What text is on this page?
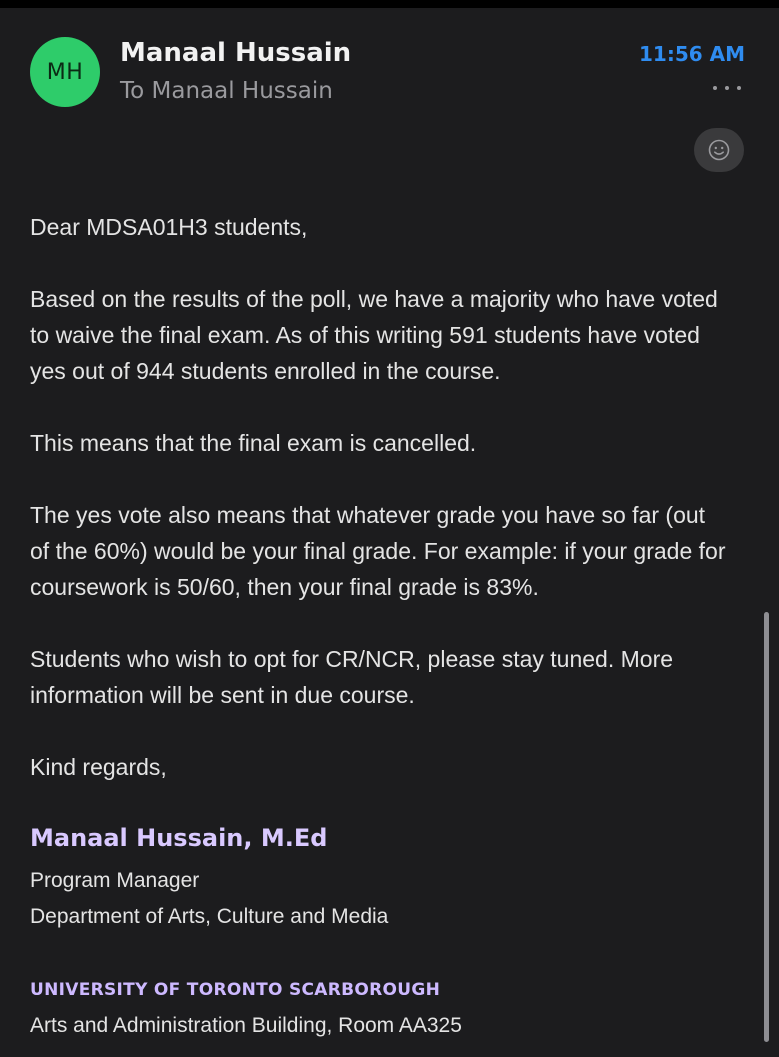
MH
Manaal Hussain
To Manaal Hussain
11:56 AM

Dear MDSA01H3 students,

Based on the results of the poll, we have a majority who have voted to waive the final exam. As of this writing 591 students have voted yes out of 944 students enrolled in the course.

This means that the final exam is cancelled.

The yes vote also means that whatever grade you have so far (out of the 60%) would be your final grade. For example: if your grade for coursework is 50/60, then your final grade is 83%.

Students who wish to opt for CR/NCR, please stay tuned. More information will be sent in due course.

Kind regards,

Manaal Hussain, M.Ed
Program Manager
Department of Arts, Culture and Media
UNIVERSITY OF TORONTO SCARBOROUGH
Arts and Administration Building, Room AA325
